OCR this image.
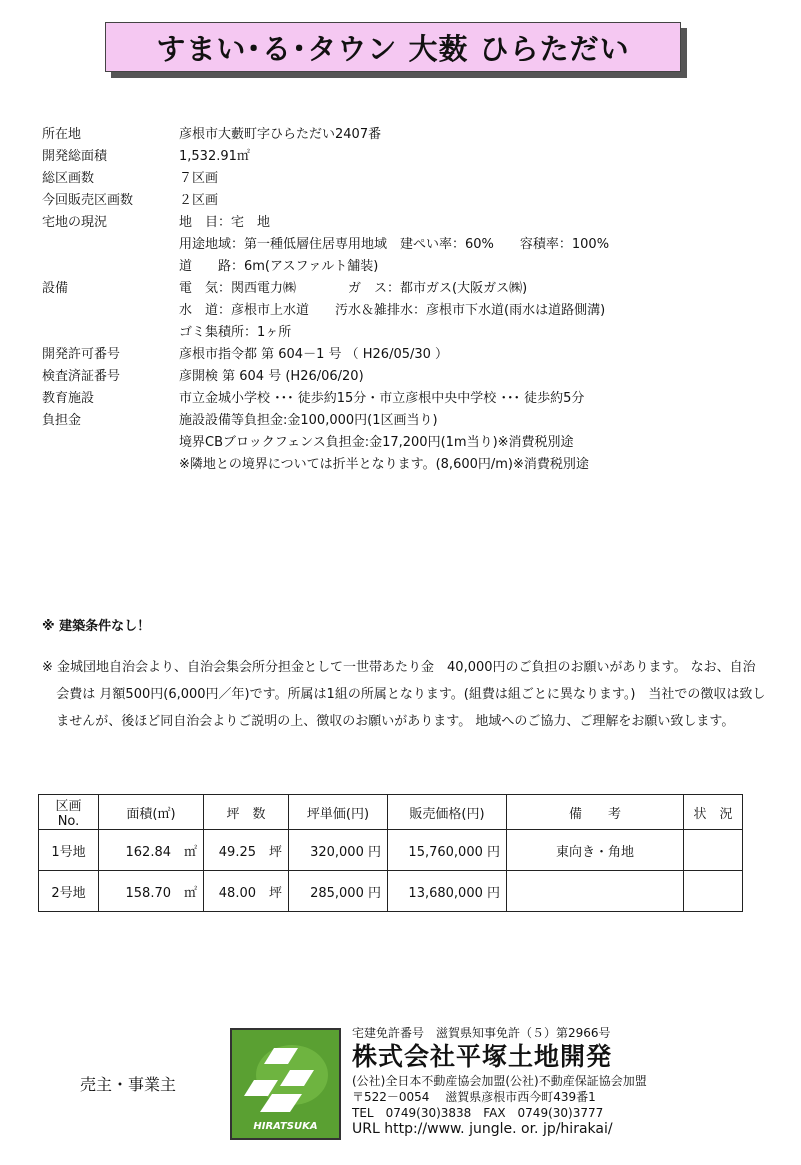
すまい･る･タウン 大薮 ひらただい
所在地	彦根市大藪町字ひらただい2407番
開発総面積	1,532.91㎡
総区画数	７区画
今回販売区画数	２区画
宅地の現況	地　目：宅　地
用途地域：第一種低層住居専用地域　建ぺい率：60%　　容積率：100%
道　　路：6m(アスファルト舗装)
設備	電　気：関西電力㈱　　　　ガ　ス：都市ガス(大阪ガス㈱)
水　道：彦根市上水道　　汚水＆雑排水：彦根市下水道(雨水は道路側溝)
ゴミ集積所：1ヶ所
開発許可番号	彦根市指令都 第 604－1 号 （ H26/05/30 ）
検査済証番号	彦開検 第 604 号 (H26/06/20)
教育施設	市立金城小学校 ･･･ 徒歩約15分・市立彦根中央中学校 ･･･ 徒歩約5分
負担金	施設設備等負担金:金100,000円(1区画当り)
境界CBブロックフェンス負担金:金17,200円(1m当り)※消費税別途
※隣地との境界については折半となります。(8,600円/m)※消費税別途
※ 建築条件なし！
※ 金城団地自治会より、自治会集会所分担金として一世帯あたり金　40,000円のご負担のお願いがあります。 なお、自治会費は 月額500円(6,000円／年)です。所属は1組の所属となります。(組費は組ごとに異なります。)　当社での徴収は致しませんが、後ほど同自治会よりご説明の上、徴収のお願いがあります。 地域へのご協力、ご理解をお願い致します。
区画No.	面積(㎡)	坪　数	坪単価(円)	販売価格(円)	備　　考	状　況
1号地	162.84　㎡	49.25　坪	320,000 円	15,760,000 円	東向き・角地	
2号地	158.70　㎡	48.00　坪	285,000 円	13,680,000 円		
売主・事業主
HIRATSUKA
宅建免許番号　滋賀県知事免許（５）第2966号
株式会社平塚土地開発
(公社)全日本不動産協会加盟(公社)不動産保証協会加盟
〒522－0054　 滋賀県彦根市西今町439番1
TEL　0749(30)3838　FAX　0749(30)3777
URL http://www. jungle. or. jp/hirakai/
